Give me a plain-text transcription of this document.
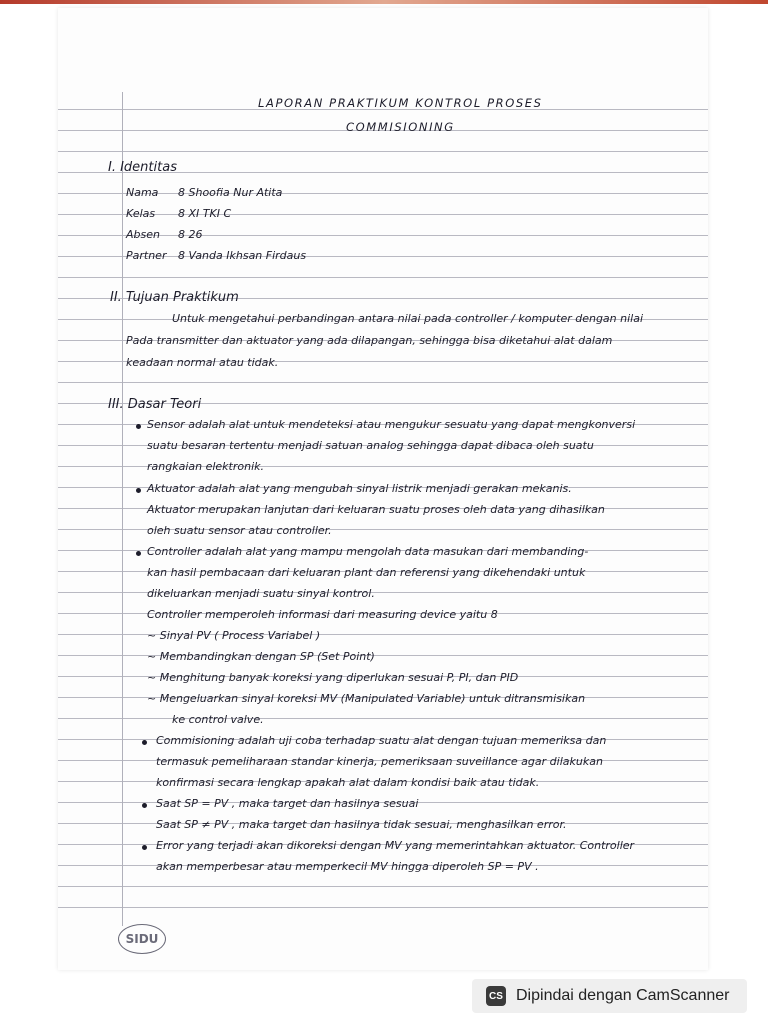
LAPORAN PRAKTIKUM KONTROL PROSES
COMMISIONING
I. Identitas
Nama 8 Shoofia Nur Atita
Kelas 8 XI TKI C
Absen 8 26
Partner 8 Vanda Ikhsan Firdaus
II. Tujuan Praktikum
Untuk mengetahui perbandingan antara nilai pada controller / komputer dengan nilai
Pada transmitter dan aktuator yang ada dilapangan, sehingga bisa diketahui alat dalam
keadaan normal atau tidak.
III. Dasar Teori
Sensor adalah alat untuk mendeteksi atau mengukur sesuatu yang dapat mengkonversi
suatu besaran tertentu menjadi satuan analog sehingga dapat dibaca oleh suatu
rangkaian elektronik.
Aktuator adalah alat yang mengubah sinyal listrik menjadi gerakan mekanis.
Aktuator merupakan lanjutan dari keluaran suatu proses oleh data yang dihasilkan
oleh suatu sensor atau controller.
Controller adalah alat yang mampu mengolah data masukan dari membanding-
kan hasil pembacaan dari keluaran plant dan referensi yang dikehendaki untuk
dikeluarkan menjadi suatu sinyal kontrol.
Controller memperoleh informasi dari measuring device yaitu 8
~ Sinyal PV ( Process Variabel )
~ Membandingkan dengan SP (Set Point)
~ Menghitung banyak koreksi yang diperlukan sesuai P, PI, dan PID
~ Mengeluarkan sinyal koreksi MV (Manipulated Variable) untuk ditransmisikan
ke control valve.
Commisioning adalah uji coba terhadap suatu alat dengan tujuan memeriksa dan
termasuk pemeliharaan standar kinerja, pemeriksaan suveillance agar dilakukan
konfirmasi secara lengkap apakah alat dalam kondisi baik atau tidak.
Saat SP = PV , maka target dan hasilnya sesuai
Saat SP ≠ PV , maka target dan hasilnya tidak sesuai, menghasilkan error.
Error yang terjadi akan dikoreksi dengan MV yang memerintahkan aktuator. Controller
akan memperbesar atau memperkecil MV hingga diperoleh SP = PV .
SIDU
CS Dipindai dengan CamScanner
